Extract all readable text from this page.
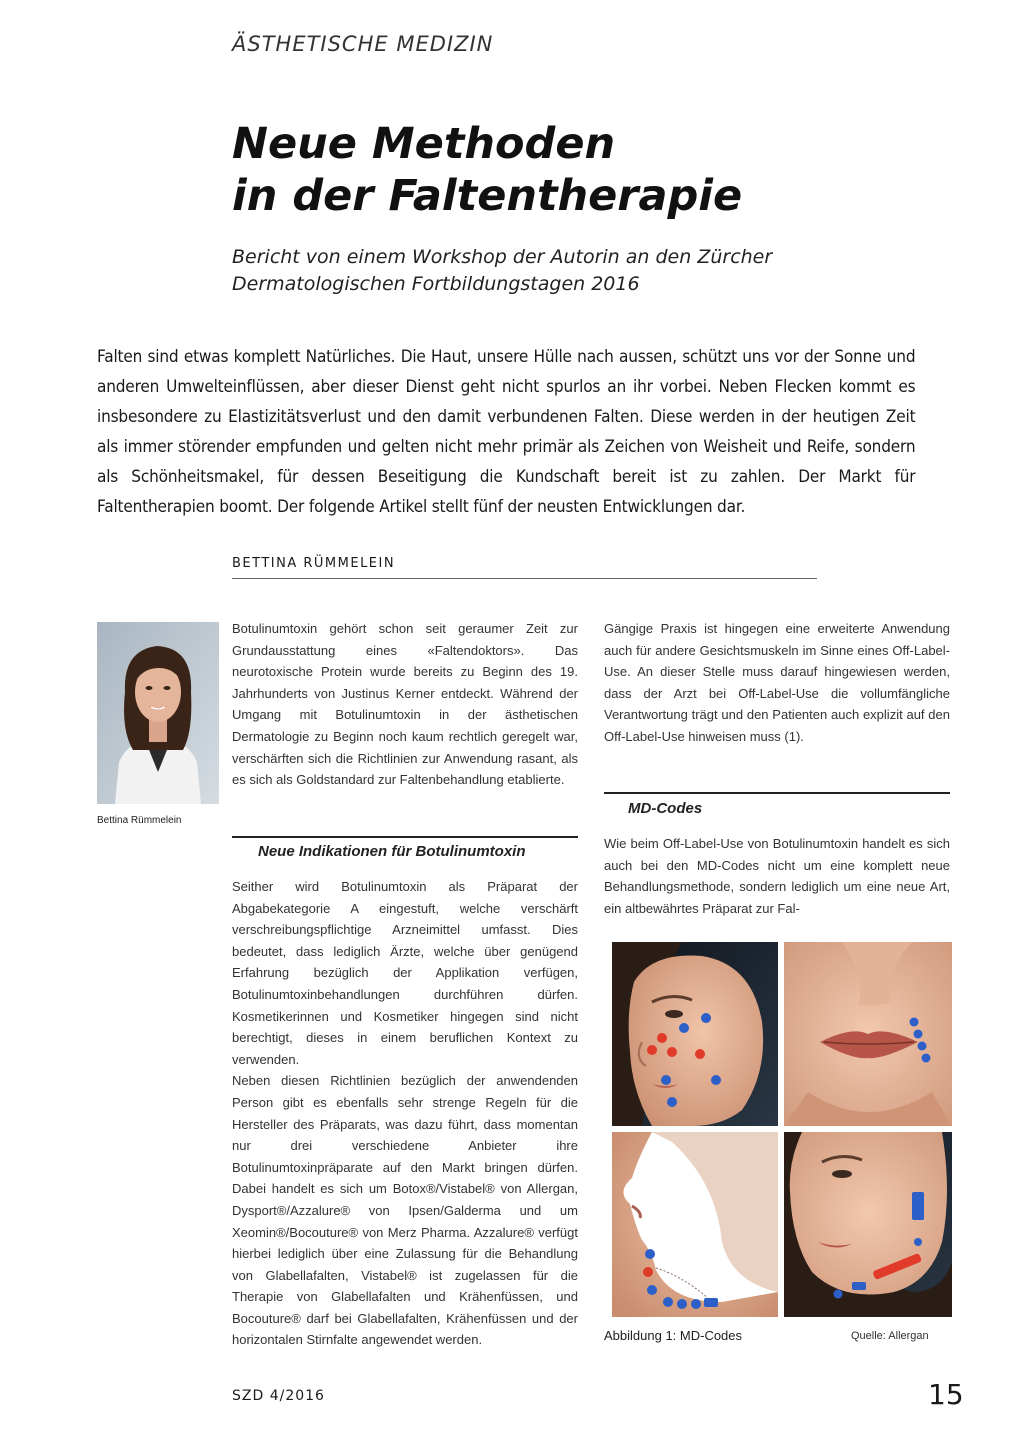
ÄSTHETISCHE MEDIZIN
Neue Methoden
in der Faltentherapie
Bericht von einem Workshop der Autorin an den Zürcher
Dermatologischen Fortbildungstagen 2016
Falten sind etwas komplett Natürliches. Die Haut, unsere Hülle nach aussen, schützt uns vor der Sonne und anderen Umwelteinflüssen, aber dieser Dienst geht nicht spurlos an ihr vorbei. Neben Flecken kommt es insbesondere zu Elastizitätsverlust und den damit verbundenen Falten. Diese werden in der heutigen Zeit als immer störender empfunden und gelten nicht mehr primär als Zeichen von Weisheit und Reife, sondern als Schönheitsmakel, für dessen Beseitigung die Kundschaft bereit ist zu zahlen. Der Markt für Faltentherapien boomt. Der folgende Artikel stellt fünf der neusten Entwicklungen dar.
BETTINA RÜMMELEIN
Bettina Rümmelein

Botulinumtoxin gehört schon seit geraumer Zeit zur Grundausstattung eines «Faltendoktors». Das neurotoxische Protein wurde bereits zu Beginn des 19. Jahrhunderts von Justinus Kerner entdeckt. Während der Umgang mit Botulinumtoxin in der ästhetischen Dermatologie zu Beginn noch kaum rechtlich geregelt war, verschärften sich die Richtlinien zur Anwendung rasant, als es sich als Goldstandard zur Faltenbehandlung etablierte.

Neue Indikationen für Botulinumtoxin

Seither wird Botulinumtoxin als Präparat der Abgabekategorie A eingestuft, welche verschärft verschreibungspflichtige Arzneimittel umfasst. Dies bedeutet, dass lediglich Ärzte, welche über genügend Erfahrung bezüglich der Applikation verfügen, Botulinumtoxinbehandlungen durchführen dürfen. Kosmetikerinnen und Kosmetiker hingegen sind nicht berechtigt, dieses in einem beruflichen Kontext zu verwenden.

Neben diesen Richtlinien bezüglich der anwendenden Person gibt es ebenfalls sehr strenge Regeln für die Hersteller des Präparats, was dazu führt, dass momentan nur drei verschiedene Anbieter ihre Botulinumtoxinpräparate auf den Markt bringen dürfen. Dabei handelt es sich um Botox®/Vistabel® von Allergan, Dysport®/Azzalure® von Ipsen/Galderma und um Xeomin®/Bocouture® von Merz Pharma. Azzalure® verfügt hierbei lediglich über eine Zulassung für die Behandlung von Glabellafalten, Vistabel® ist zugelassen für die Therapie von Glabellafalten und Krähenfüssen, und Bocouture® darf bei Glabellafalten, Krähenfüssen und der horizontalen Stirnfalte angewendet werden.

Gängige Praxis ist hingegen eine erweiterte Anwendung auch für andere Gesichtsmuskeln im Sinne eines Off-Label-Use. An dieser Stelle muss darauf hingewiesen werden, dass der Arzt bei Off-Label-Use die vollumfängliche Verantwortung trägt und den Patienten auch explizit auf den Off-Label-Use hinweisen muss (1).

MD-Codes

Wie beim Off-Label-Use von Botulinumtoxin handelt es sich auch bei den MD-Codes nicht um eine komplett neue Behandlungsmethode, sondern lediglich um eine neue Art, ein altbewährtes Präparat zur Fal-

Abbildung 1: MD-Codes	Quelle: Allergan
SZD 4/2016	15
